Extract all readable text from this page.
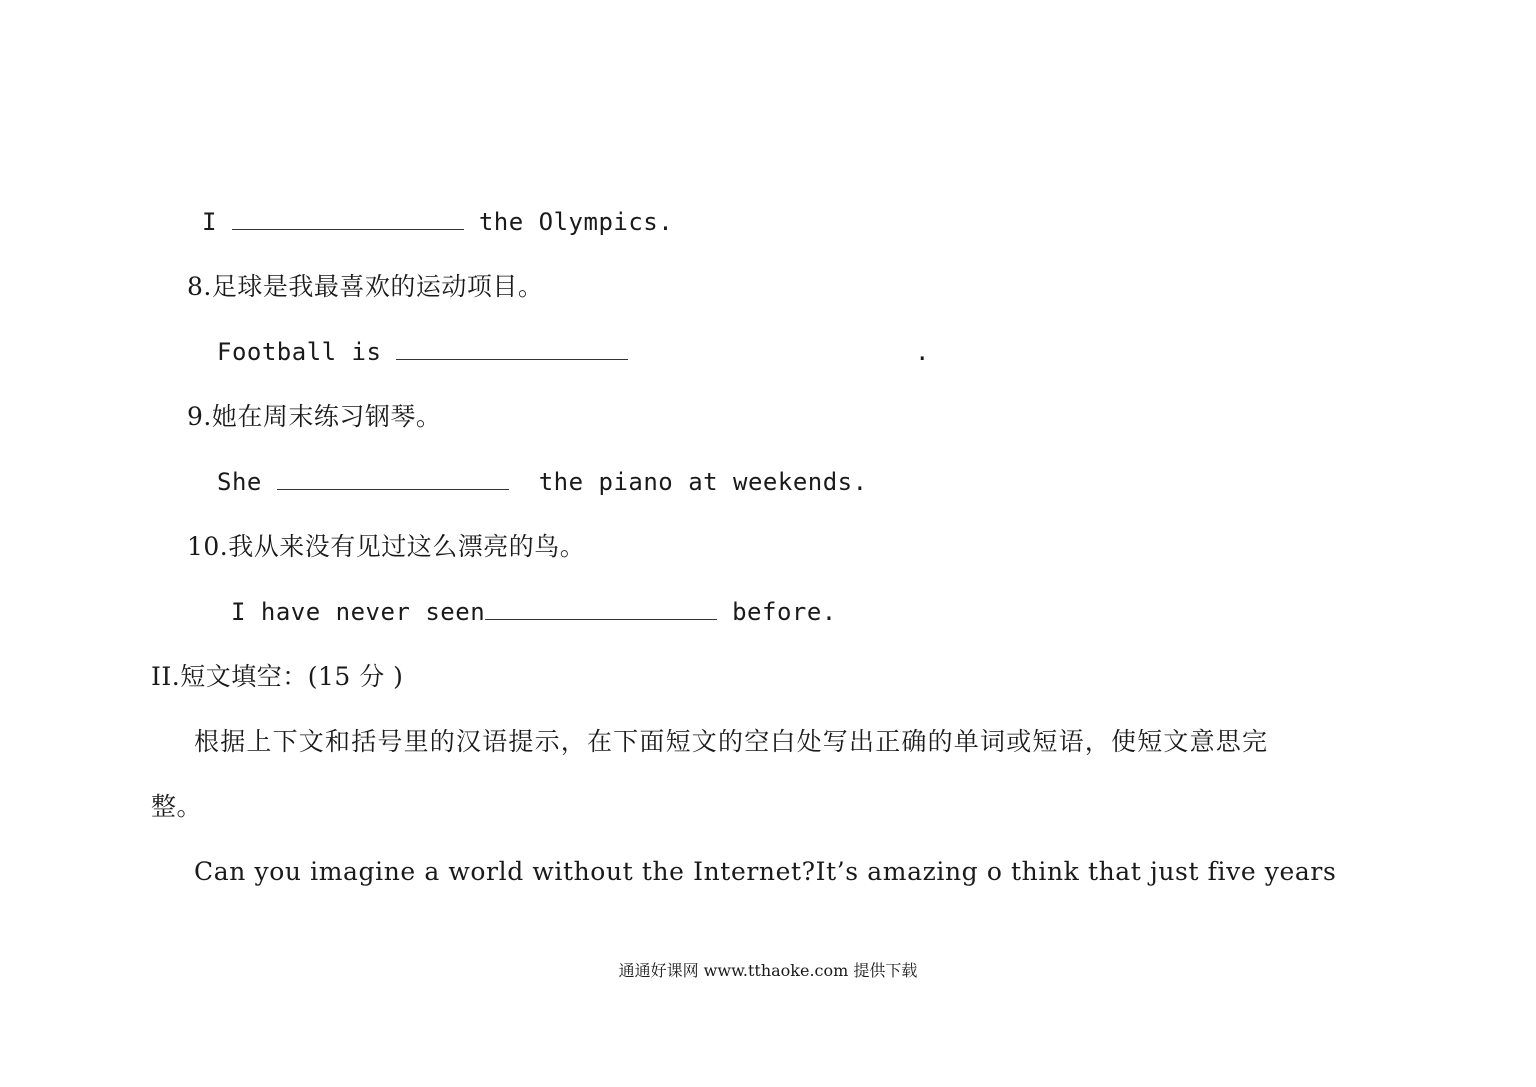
I	the Olympics.
8.足球是我最喜欢的运动项目。
Football is	.
9.她在周末练习钢琴。
She	the piano at weekends.
10.我从来没有见过这么漂亮的鸟。
I have never seen	before.
II.短文填空：(15 分 )
根据上下文和括号里的汉语提示，在下面短文的空白处写出正确的单词或短语，使短文意思完
整。
Can you imagine a world without the Internet?It’s amazing o think that just five years
通通好课网 www.tthaoke.com 提供下载
